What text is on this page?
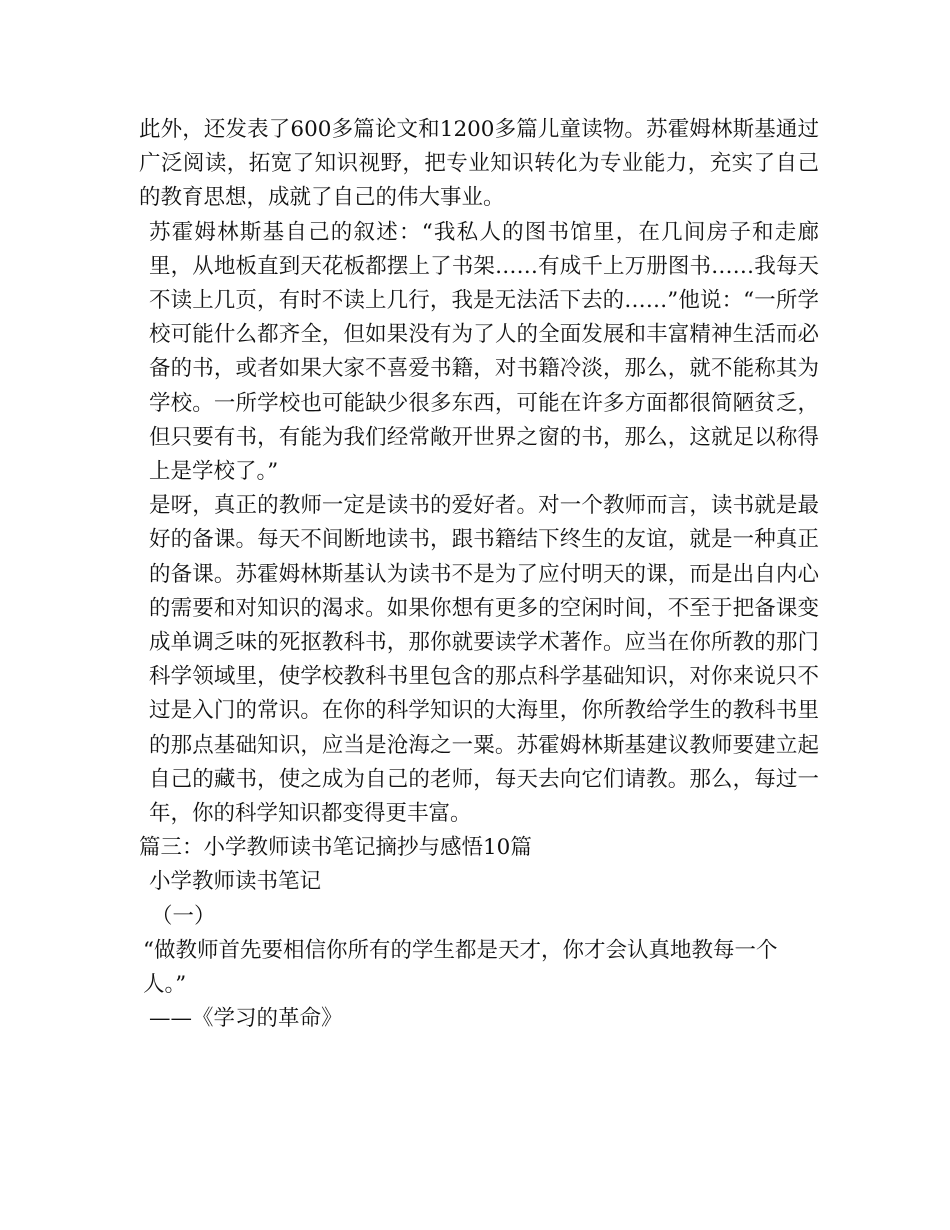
此外，还发表了600多篇论文和1200多篇儿童读物。苏霍姆林斯基通过广泛阅读，拓宽了知识视野，把专业知识转化为专业能力，充实了自己的教育思想，成就了自己的伟大事业。

苏霍姆林斯基自己的叙述：“我私人的图书馆里，在几间房子和走廊里，从地板直到天花板都摆上了书架……有成千上万册图书……我每天不读上几页，有时不读上几行，我是无法活下去的……”他说：“一所学校可能什么都齐全，但如果没有为了人的全面发展和丰富精神生活而必备的书，或者如果大家不喜爱书籍，对书籍冷淡，那么，就不能称其为学校。一所学校也可能缺少很多东西，可能在许多方面都很简陋贫乏，但只要有书，有能为我们经常敞开世界之窗的书，那么，这就足以称得上是学校了。”

是呀，真正的教师一定是读书的爱好者。对一个教师而言，读书就是最好的备课。每天不间断地读书，跟书籍结下终生的友谊，就是一种真正的备课。苏霍姆林斯基认为读书不是为了应付明天的课，而是出自内心的需要和对知识的渴求。如果你想有更多的空闲时间，不至于把备课变成单调乏味的死抠教科书，那你就要读学术著作。应当在你所教的那门科学领域里，使学校教科书里包含的那点科学基础知识，对你来说只不过是入门的常识。在你的科学知识的大海里，你所教给学生的教科书里的那点基础知识，应当是沧海之一粟。苏霍姆林斯基建议教师要建立起自己的藏书，使之成为自己的老师，每天去向它们请教。那么，每过一年，你的科学知识都变得更丰富。

篇三：小学教师读书笔记摘抄与感悟10篇

小学教师读书笔记

（一）

“做教师首先要相信你所有的学生都是天才，你才会认真地教每一个人。”

——《学习的革命》
